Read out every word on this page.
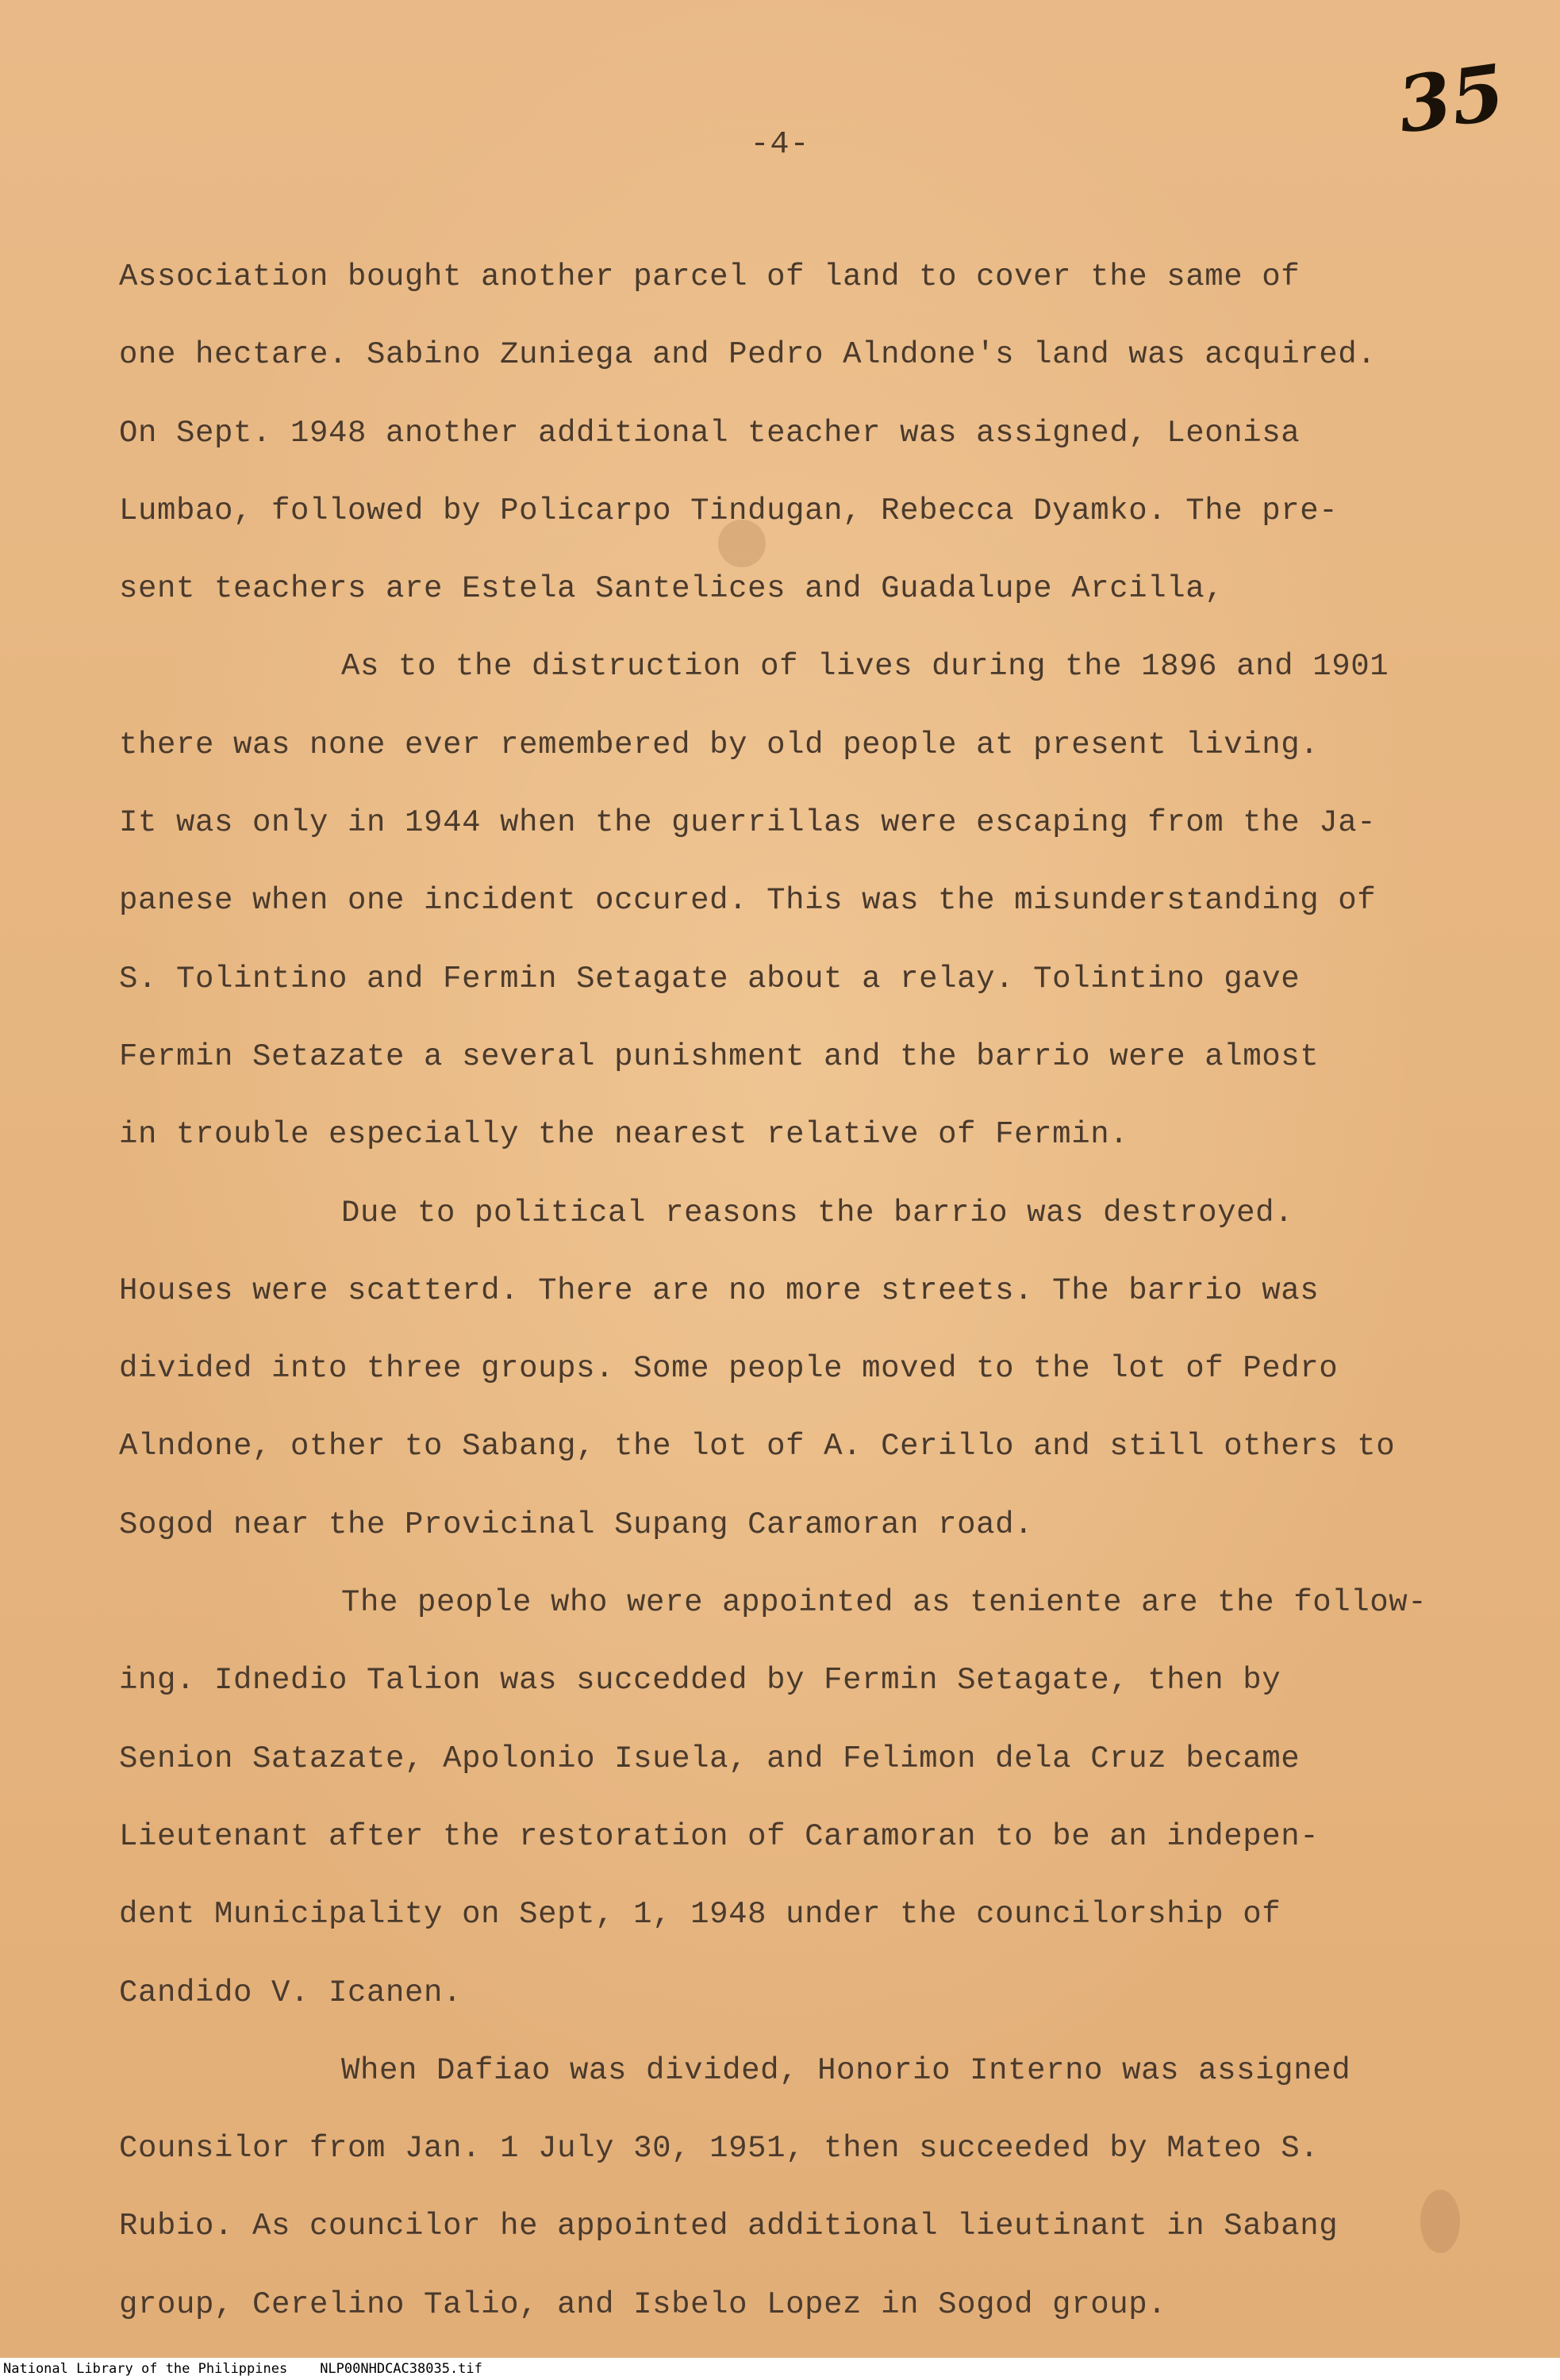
35
-4-
Association bought another parcel of land to cover the same of
one hectare. Sabino Zuniega and Pedro Alndone's land was acquired.
On Sept. 1948 another additional teacher was assigned, Leonisa
Lumbao, followed by Policarpo Tindugan, Rebecca Dyamko. The pre-
sent teachers are Estela Santelices and Guadalupe Arcilla,
As to the distruction of lives during the 1896 and 1901
there was none ever remembered by old people at present living.
It was only in 1944 when the guerrillas were escaping from the Ja-
panese when one incident occured. This was the misunderstanding of
S. Tolintino and Fermin Setagate about a relay. Tolintino gave
Fermin Setazate a several punishment and the barrio were almost
in trouble especially the nearest relative of Fermin.
Due to political reasons the barrio was destroyed.
Houses were scatterd. There are no more streets. The barrio was
divided into three groups. Some people moved to the lot of Pedro
Alndone, other to Sabang, the lot of A. Cerillo and still others to
Sogod near the Provicinal Supang Caramoran road.
The people who were appointed as teniente are the follow-
ing. Idnedio Talion was succedded by Fermin Setagate, then by
Senion Satazate, Apolonio Isuela, and Felimon dela Cruz became
Lieutenant after the restoration of Caramoran to be an indepen-
dent Municipality on Sept, 1, 1948 under the councilorship of
Candido V. Icanen.
When Dafiao was divided, Honorio Interno was assigned
Counsilor from Jan. 1 July 30, 1951, then succeeded by Mateo S.
Rubio. As councilor he appointed additional lieutinant in Sabang
group, Cerelino Talio, and Isbelo Lopez in Sogod group.
National Library of the Philippines NLP00NHDCAC38035.tif
